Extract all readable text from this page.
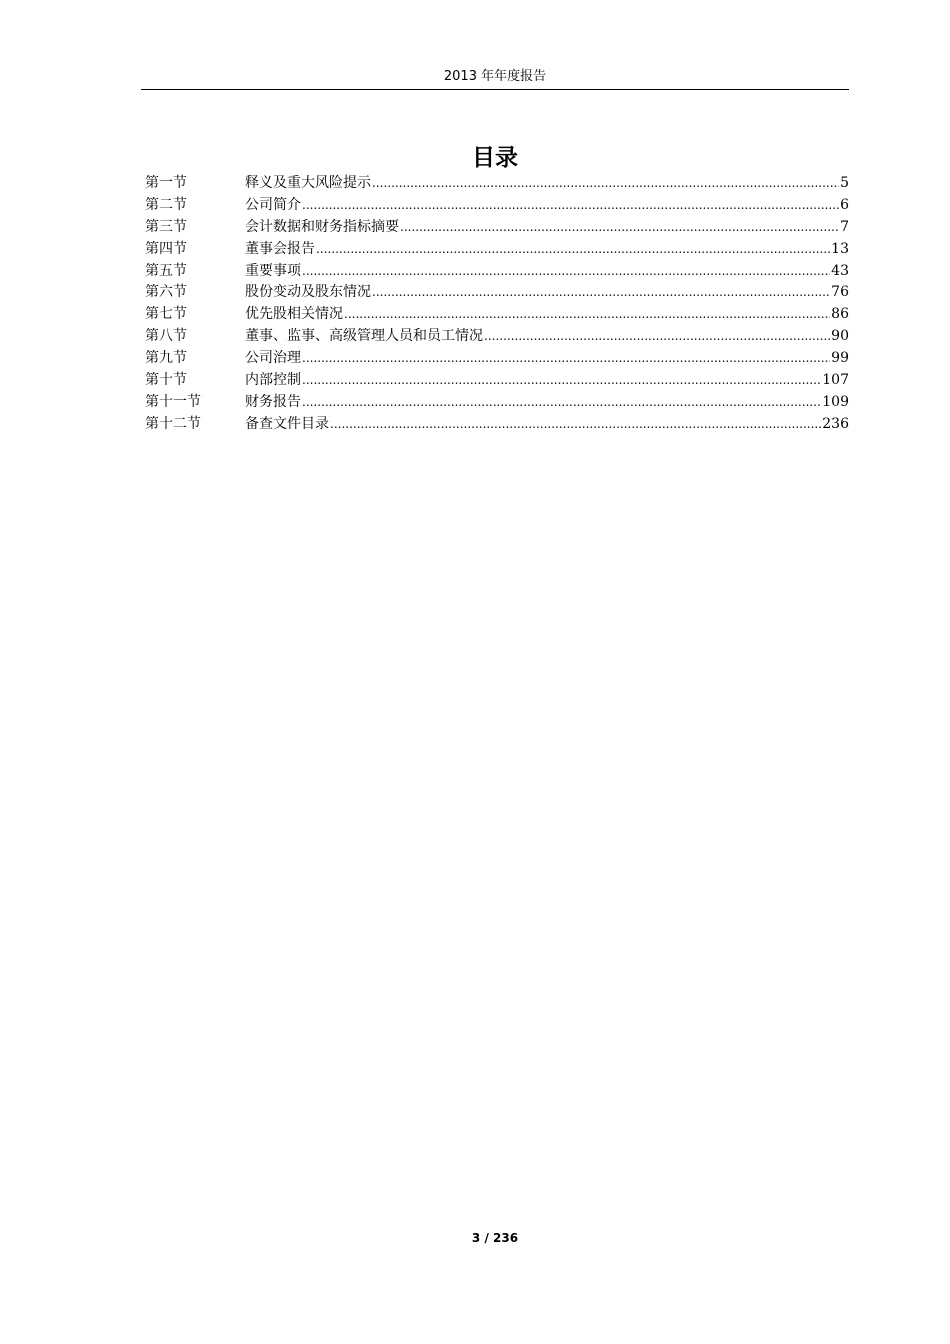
2013 年年度报告
目录
第一节	释义及重大风险提示 .....	5
第二节	公司简介 .....	6
第三节	会计数据和财务指标摘要 .....	7
第四节	董事会报告 .....	13
第五节	重要事项 .....	43
第六节	股份变动及股东情况 .....	76
第七节	优先股相关情况 .....	86
第八节	董事、监事、高级管理人员和员工情况 .....	90
第九节	公司治理 .....	99
第十节	内部控制 .....	107
第十一节	财务报告 .....	109
第十二节	备查文件目录 .....	236
3 / 236
